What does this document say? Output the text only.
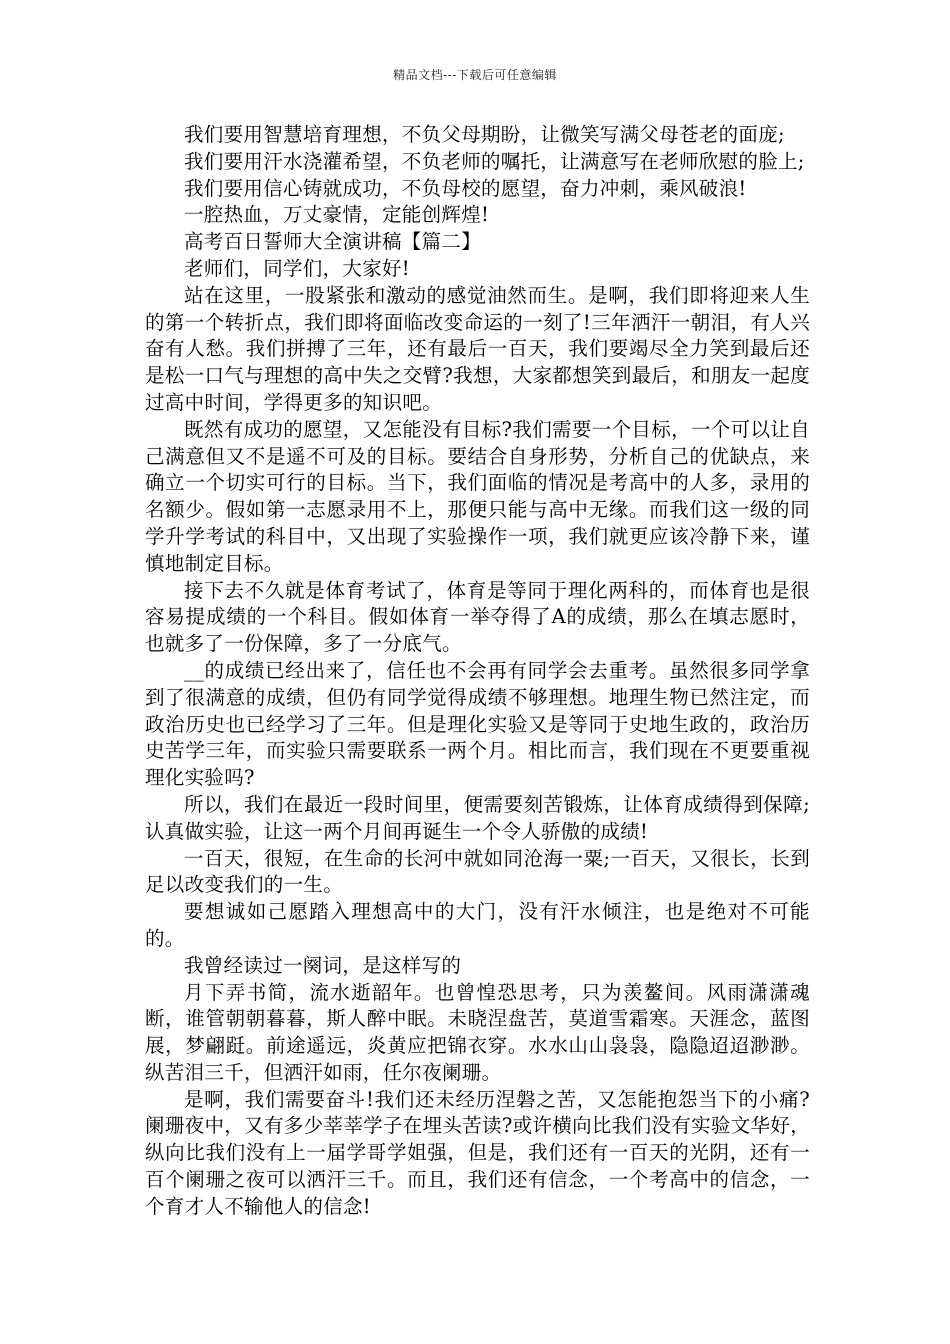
精品文档---下载后可任意编辑

我们要用智慧培育理想，不负父母期盼，让微笑写满父母苍老的面庞;

我们要用汗水浇灌希望，不负老师的嘱托，让满意写在老师欣慰的脸上;

我们要用信心铸就成功，不负母校的愿望，奋力冲刺，乘风破浪!

一腔热血，万丈豪情，定能创辉煌!

高考百日誓师大全演讲稿【篇二】

老师们，同学们，大家好!

站在这里，一股紧张和激动的感觉油然而生。是啊，我们即将迎来人生的第一个转折点，我们即将面临改变命运的一刻了!三年洒汗一朝泪，有人兴奋有人愁。我们拼搏了三年，还有最后一百天，我们要竭尽全力笑到最后还是松一口气与理想的高中失之交臂?我想，大家都想笑到最后，和朋友一起度过高中时间，学得更多的知识吧。

既然有成功的愿望，又怎能没有目标?我们需要一个目标，一个可以让自己满意但又不是遥不可及的目标。要结合自身形势，分析自己的优缺点，来确立一个切实可行的目标。当下，我们面临的情况是考高中的人多，录用的名额少。假如第一志愿录用不上，那便只能与高中无缘。而我们这一级的同学升学考试的科目中，又出现了实验操作一项，我们就更应该冷静下来，谨慎地制定目标。

接下去不久就是体育考试了，体育是等同于理化两科的，而体育也是很容易提成绩的一个科目。假如体育一举夺得了A的成绩，那么在填志愿时，也就多了一份保障，多了一分底气。

__的成绩已经出来了，信任也不会再有同学会去重考。虽然很多同学拿到了很满意的成绩，但仍有同学觉得成绩不够理想。地理生物已然注定，而政治历史也已经学习了三年。但是理化实验又是等同于史地生政的，政治历史苦学三年，而实验只需要联系一两个月。相比而言，我们现在不更要重视理化实验吗?

所以，我们在最近一段时间里，便需要刻苦锻炼，让体育成绩得到保障;认真做实验，让这一两个月间再诞生一个令人骄傲的成绩!

一百天，很短，在生命的长河中就如同沧海一粟;一百天，又很长，长到足以改变我们的一生。

要想诚如己愿踏入理想高中的大门，没有汗水倾注，也是绝对不可能的。

我曾经读过一阕词，是这样写的

月下弄书简，流水逝韶年。也曾惶恐思考，只为羡鳌间。风雨潇潇魂断，谁管朝朝暮暮，斯人醉中眠。未晓涅盘苦，莫道雪霜寒。天涯念，蓝图展，梦翩跹。前途遥远，炎黄应把锦衣穿。水水山山袅袅，隐隐迢迢渺渺。纵苦泪三千，但洒汗如雨，任尔夜阑珊。

是啊，我们需要奋斗!我们还未经历涅磐之苦，又怎能抱怨当下的小痛?阑珊夜中，又有多少莘莘学子在埋头苦读?或许横向比我们没有实验文华好，纵向比我们没有上一届学哥学姐强，但是，我们还有一百天的光阴，还有一百个阑珊之夜可以洒汗三千。而且，我们还有信念，一个考高中的信念，一个育才人不输他人的信念!
